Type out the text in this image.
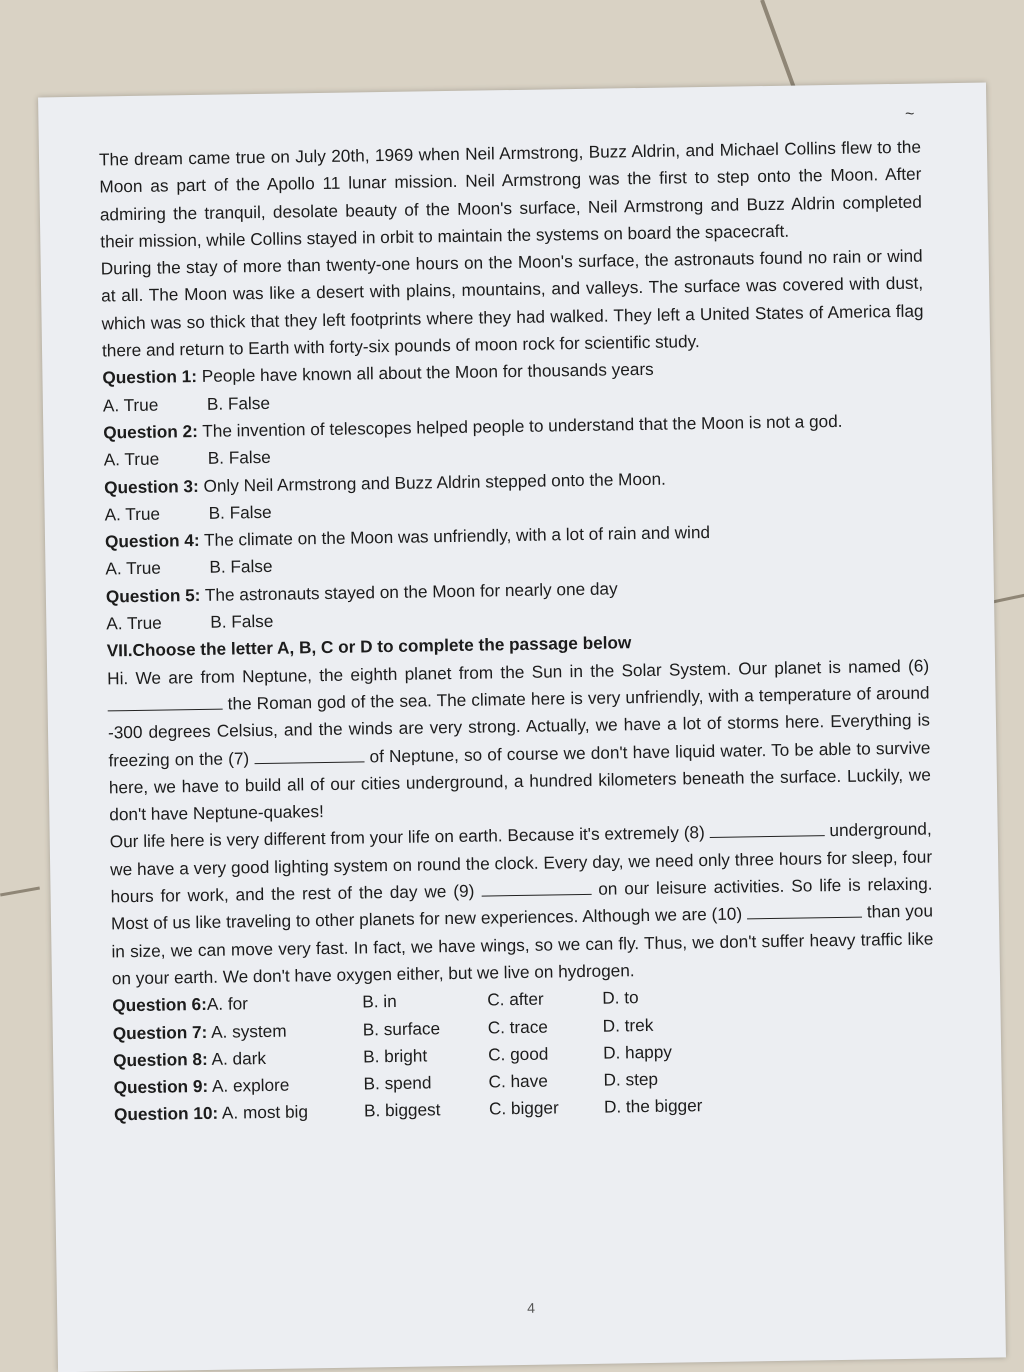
~

The dream came true on July 20th, 1969 when Neil Armstrong, Buzz Aldrin, and Michael Collins flew to the Moon as part of the Apollo 11 lunar mission. Neil Armstrong was the first to step onto the Moon. After admiring the tranquil, desolate beauty of the Moon's surface, Neil Armstrong and Buzz Aldrin completed their mission, while Collins stayed in orbit to maintain the systems on board the spacecraft.

During the stay of more than twenty-one hours on the Moon's surface, the astronauts found no rain or wind at all. The Moon was like a desert with plains, mountains, and valleys. The surface was covered with dust, which was so thick that they left footprints where they had walked. They left a United States of America flag there and return to Earth with forty-six pounds of moon rock for scientific study.

Question 1: People have known all about the Moon for thousands years

A. True	B. False

Question 2: The invention of telescopes helped people to understand that the Moon is not a god.

A. True	B. False

Question 3: Only Neil Armstrong and Buzz Aldrin stepped onto the Moon.

A. True	B. False

Question 4: The climate on the Moon was unfriendly, with a lot of rain and wind

A. True	B. False

Question 5: The astronauts stayed on the Moon for nearly one day

A. True	B. False

VII.Choose the letter A, B, C or D to complete the passage below

Hi. We are from Neptune, the eighth planet from the Sun in the Solar System. Our planet is named (6)  the Roman god of the sea. The climate here is very unfriendly, with a temperature of around -300 degrees Celsius, and the winds are very strong. Actually, we have a lot of storms here. Everything is freezing on the (7)	of Neptune, so of course we don't have liquid water. To be able to survive here, we have to build all of our cities underground, a hundred kilometers beneath the surface. Luckily, we don't have Neptune-quakes!

Our life here is very different from your life on earth. Because it's extremely (8)	underground, we have a very good lighting system on round the clock. Every day, we need only three hours for sleep, four hours for work, and the rest of the day we (9)	on our leisure activities. So life is relaxing. Most of us like traveling to other planets for new experiences. Although we are (10)	than you in size, we can move very fast. In fact, we have wings, so we can fly. Thus, we don't suffer heavy traffic like on your earth. We don't have oxygen either, but we live on hydrogen.

Question 6:A. for	B. in	C. after	D. to
Question 7: A. system	B. surface	C. trace	D. trek
Question 8: A. dark	B. bright	C. good	D. happy
Question 9: A. explore	B. spend	C. have	D. step
Question 10: A. most big	B. biggest	C. bigger	D. the bigger
4
